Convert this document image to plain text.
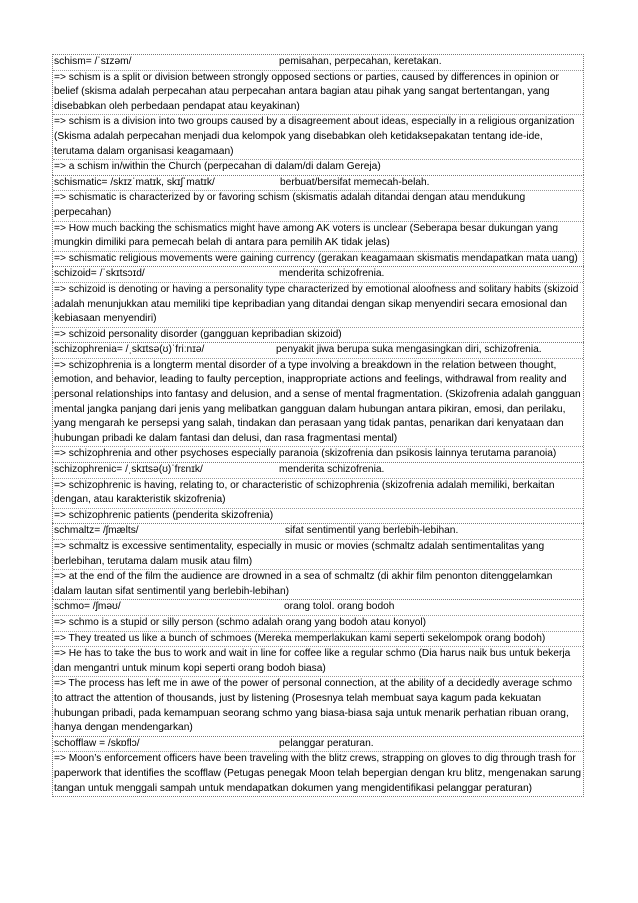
schism= /ˈsɪzəm/	pemisahan, perpecahan, keretakan.
=> schism is a split or division between strongly opposed sections or parties, caused by differences in opinion or belief (skisma adalah perpecahan atau perpecahan antara bagian atau pihak yang sangat bertentangan, yang disebabkan oleh perbedaan pendapat atau keyakinan)
=> schism is a division into two groups caused by a disagreement about ideas, especially in a religious organization (Skisma adalah perpecahan menjadi dua kelompok yang disebabkan oleh ketidaksepakatan tentang ide-ide, terutama dalam organisasi keagamaan)
=> a schism in/within the Church (perpecahan di dalam/di dalam Gereja)
schismatic= /skɪzˈmatɪk, skɪʃˈmatɪk/	berbuat/bersifat memecah-belah.
=> schismatic is characterized by or favoring schism (skismatis adalah ditandai dengan atau mendukung perpecahan)
=> How much backing the schismatics might have among AK voters is unclear (Seberapa besar dukungan yang mungkin dimiliki para pemecah belah di antara para pemilih AK tidak jelas)
=> schismatic religious movements were gaining currency (gerakan keagamaan skismatis mendapatkan mata uang)
schizoid= /ˈskɪtsɔɪd/	menderita schizofrenia.
=> schizoid is denoting or having a personality type characterized by emotional aloofness and solitary habits (skizoid adalah menunjukkan atau memiliki tipe kepribadian yang ditandai dengan sikap menyendiri secara emosional dan kebiasaan menyendiri)
=> schizoid personality disorder (gangguan kepribadian skizoid)
schizophrenia= /ˌskɪtsə(ʊ)ˈfriːnɪə/	penyakit jiwa berupa suka mengasingkan diri, schizofrenia.
=> schizophrenia is a longterm mental disorder of a type involving a breakdown in the relation between thought, emotion, and behavior, leading to faulty perception, inappropriate actions and feelings, withdrawal from reality and personal relationships into fantasy and delusion, and a sense of mental fragmentation. (Skizofrenia adalah gangguan mental jangka panjang dari jenis yang melibatkan gangguan dalam hubungan antara pikiran, emosi, dan perilaku, yang mengarah ke persepsi yang salah, tindakan dan perasaan yang tidak pantas, penarikan dari kenyataan dan hubungan pribadi ke dalam fantasi dan delusi, dan rasa fragmentasi mental)
=> schizophrenia and other psychoses especially paranoia (skizofrenia dan psikosis lainnya terutama paranoia)
schizophrenic= /ˌskɪtsə(ʊ)ˈfrɛnɪk/	menderita schizofrenia.
=> schizophrenic is having, relating to, or characteristic of schizophrenia (skizofrenia adalah memiliki, berkaitan dengan, atau karakteristik skizofrenia)
=> schizophrenic patients (penderita skizofrenia)
schmaltz= /ʃmælts/	sifat sentimentil yang berlebih-lebihan.
=> schmaltz is excessive sentimentality, especially in music or movies (schmaltz adalah sentimentalitas yang berlebihan, terutama dalam musik atau film)
=> at the end of the film the audience are drowned in a sea of schmaltz (di akhir film penonton ditenggelamkan dalam lautan sifat sentimentil yang berlebih-lebihan)
schmo= /ʃməʊ/	orang tolol. orang bodoh
=> schmo is a stupid or silly person (schmo adalah orang yang bodoh atau konyol)
=> They treated us like a bunch of schmoes (Mereka memperlakukan kami seperti sekelompok orang bodoh)
=> He has to take the bus to work and wait in line for coffee like a regular schmo (Dia harus naik bus untuk bekerja dan mengantri untuk minum kopi seperti orang bodoh biasa)
=> The process has left me in awe of the power of personal connection, at the ability of a decidedly average schmo to attract the attention of thousands, just by listening (Prosesnya telah membuat saya kagum pada kekuatan hubungan pribadi, pada kemampuan seorang schmo yang biasa-biasa saja untuk menarik perhatian ribuan orang, hanya dengan mendengarkan)
schofflaw = /skɒflɔ/	pelanggar peraturan.
=> Moon’s enforcement officers have been traveling with the blitz crews, strapping on gloves to dig through trash for paperwork that identifies the scofflaw (Petugas penegak Moon telah bepergian dengan kru blitz, mengenakan sarung tangan untuk menggali sampah untuk mendapatkan dokumen yang mengidentifikasi pelanggar peraturan)
